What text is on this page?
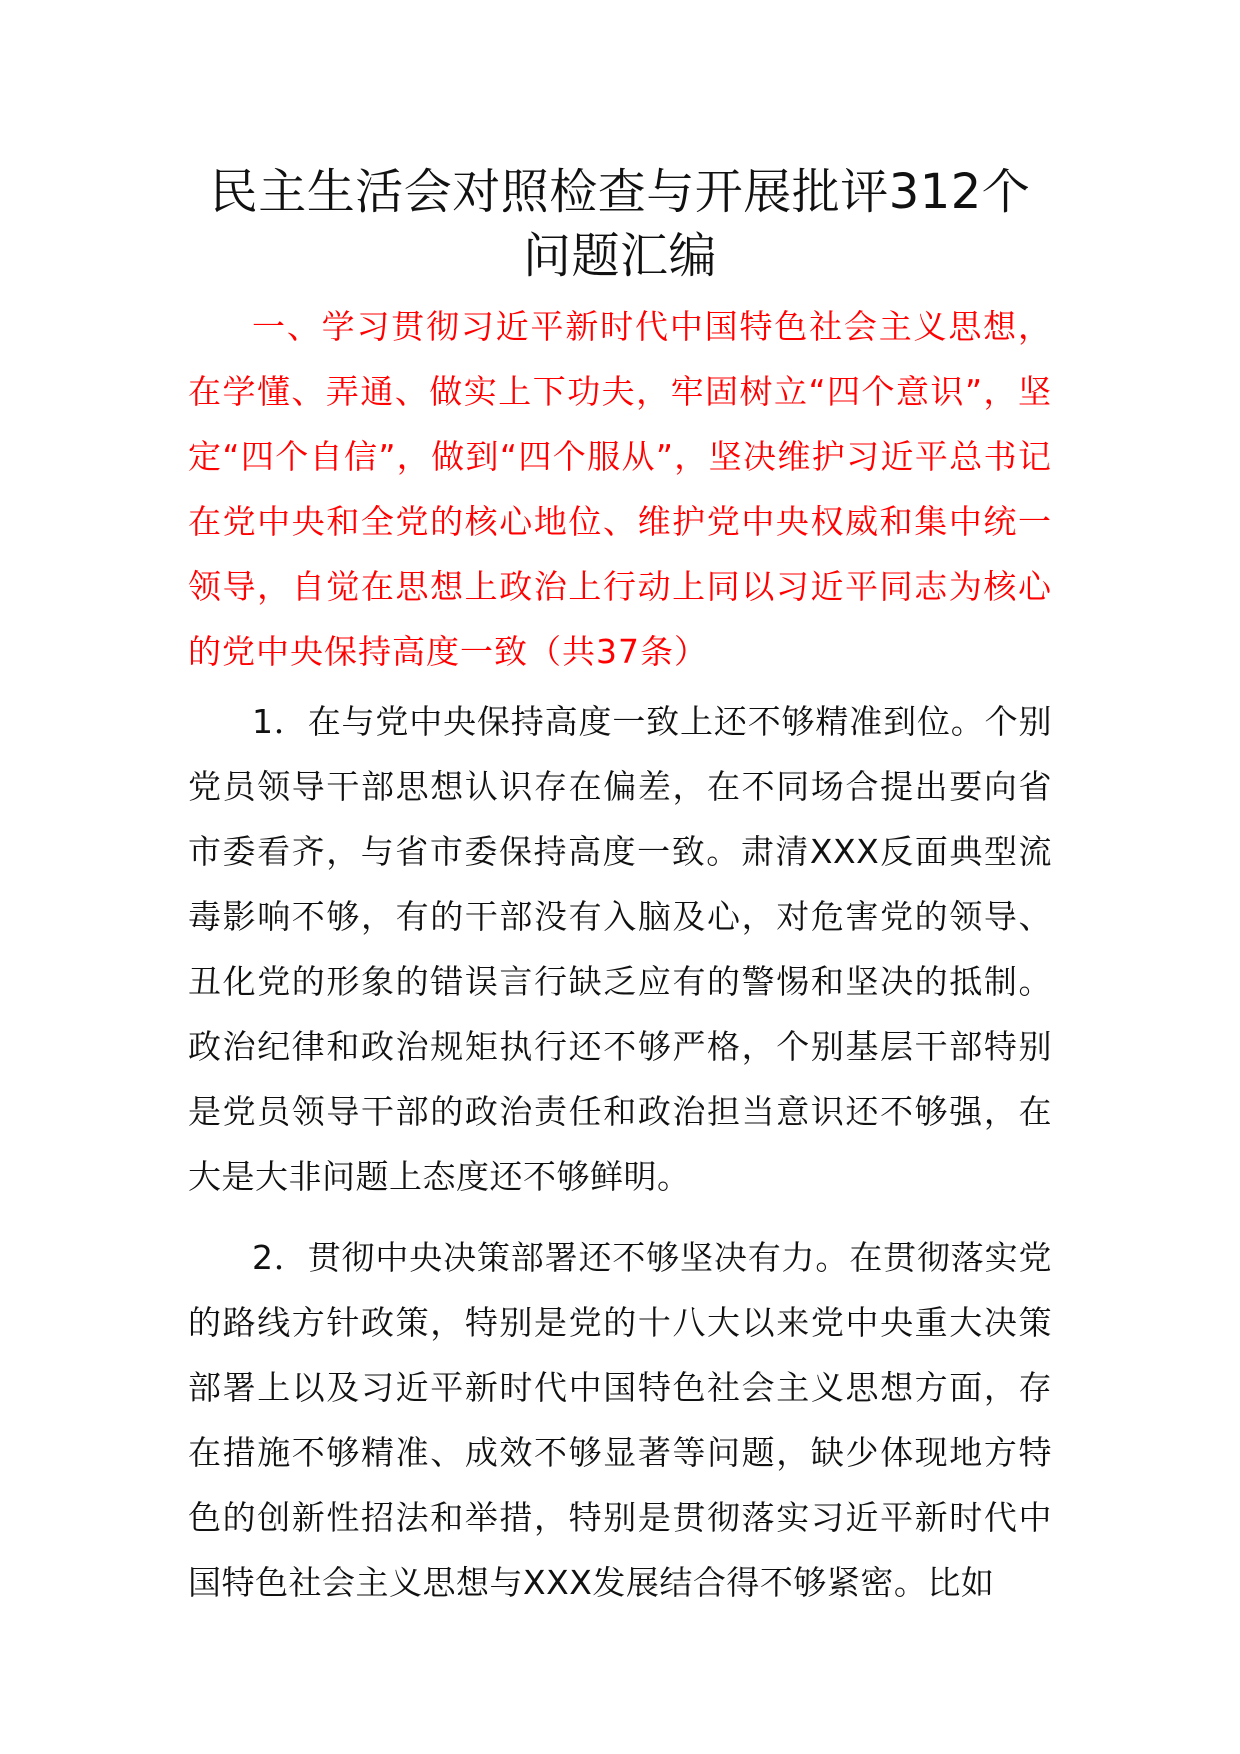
民主生活会对照检查与开展批评312个问题汇编

一、学习贯彻习近平新时代中国特色社会主义思想，在学懂、弄通、做实上下功夫，牢固树立“四个意识”，坚定“四个自信”，做到“四个服从”，坚决维护习近平总书记在党中央和全党的核心地位、维护党中央权威和集中统一领导，自觉在思想上政治上行动上同以习近平同志为核心的党中央保持高度一致（共37条）

1．在与党中央保持高度一致上还不够精准到位。个别党员领导干部思想认识存在偏差，在不同场合提出要向省市委看齐，与省市委保持高度一致。肃清XXX反面典型流毒影响不够，有的干部没有入脑及心，对危害党的领导、丑化党的形象的错误言行缺乏应有的警惕和坚决的抵制。政治纪律和政治规矩执行还不够严格，个别基层干部特别是党员领导干部的政治责任和政治担当意识还不够强，在大是大非问题上态度还不够鲜明。

2．贯彻中央决策部署还不够坚决有力。在贯彻落实党的路线方针政策，特别是党的十八大以来党中央重大决策部署上以及习近平新时代中国特色社会主义思想方面，存在措施不够精准、成效不够显著等问题，缺少体现地方特色的创新性招法和举措，特别是贯彻落实习近平新时代中国特色社会主义思想与XXX发展结合得不够紧密。比如
